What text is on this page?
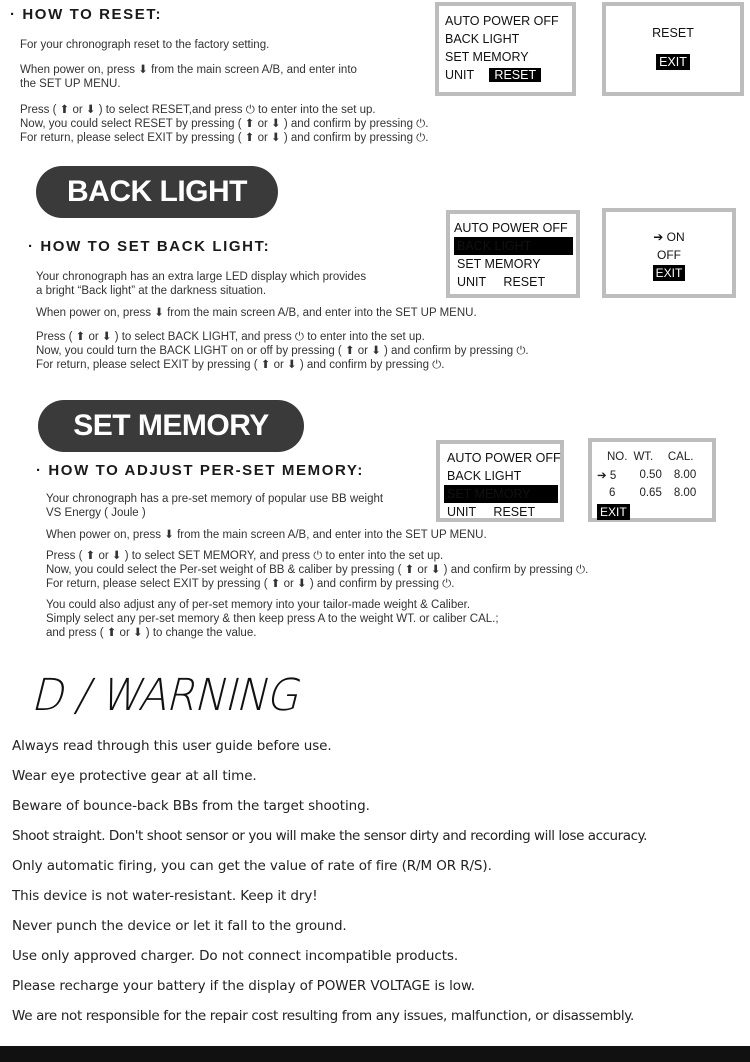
· HOW TO RESET:
For your chronograph reset to the factory setting.
When power on, press ⬇ from the main screen A/B, and enter into
the SET UP MENU.
Press ( ⬆ or ⬇ ) to select RESET,and press ⏻ to enter into the set up.
Now, you could select RESET by pressing ( ⬆ or ⬇ ) and confirm by pressing ⏻.
For return, please select EXIT by pressing ( ⬆ or ⬇ ) and confirm by pressing ⏻.
AUTO POWER OFF
BACK LIGHT
SET MEMORY
UNIT RESET
RESET
EXIT
BACK LIGHT
· HOW TO SET BACK LIGHT:
Your chronograph has an extra large LED display which provides
a bright “Back light” at the darkness situation.
When power on, press ⬇ from the main screen A/B, and enter into the SET UP MENU.
Press ( ⬆ or ⬇ ) to select BACK LIGHT, and press ⏻ to enter into the set up.
Now, you could turn the BACK LIGHT on or off by pressing ( ⬆ or ⬇ ) and confirm by pressing ⏻.
For return, please select EXIT by pressing ( ⬆ or ⬇ ) and confirm by pressing ⏻.
AUTO POWER OFF
BACK LIGHT
SET MEMORY
UNIT RESET
➔ ON
OFF
EXIT
SET MEMORY
· HOW TO ADJUST PER-SET MEMORY:
Your chronograph has a pre-set memory of popular use BB weight
VS Energy ( Joule )
When power on, press ⬇ from the main screen A/B, and enter into the SET UP MENU.
Press ( ⬆ or ⬇ ) to select SET MEMORY, and press ⏻ to enter into the set up.
Now, you could select the Per-set weight of BB & caliber by pressing ( ⬆ or ⬇ ) and confirm by pressing ⏻.
For return, please select EXIT by pressing ( ⬆ or ⬇ ) and confirm by pressing ⏻.
You could also adjust any of per-set memory into your tailor-made weight & Caliber.
Simply select any per-set memory & then keep press A to the weight WT. or caliber CAL.;
and press ( ⬆ or ⬇ ) to change the value.
AUTO POWER OFF
BACK LIGHT
SET MEMORY
UNIT RESET
NO.	WT.	CAL.
➔ 5	0.50	8.00
6	0.65	8.00
EXIT
D / WARNING
Always read through this user guide before use.
Wear eye protective gear at all time.
Beware of bounce-back BBs from the target shooting.
Shoot straight. Don't shoot sensor or you will make the sensor dirty and recording will lose accuracy.
Only automatic firing, you can get the value of rate of fire (R/M OR R/S).
This device is not water-resistant. Keep it dry!
Never punch the device or let it fall to the ground.
Use only approved charger. Do not connect incompatible products.
Please recharge your battery if the display of POWER VOLTAGE is low.
We are not responsible for the repair cost resulting from any issues, malfunction, or disassembly.
